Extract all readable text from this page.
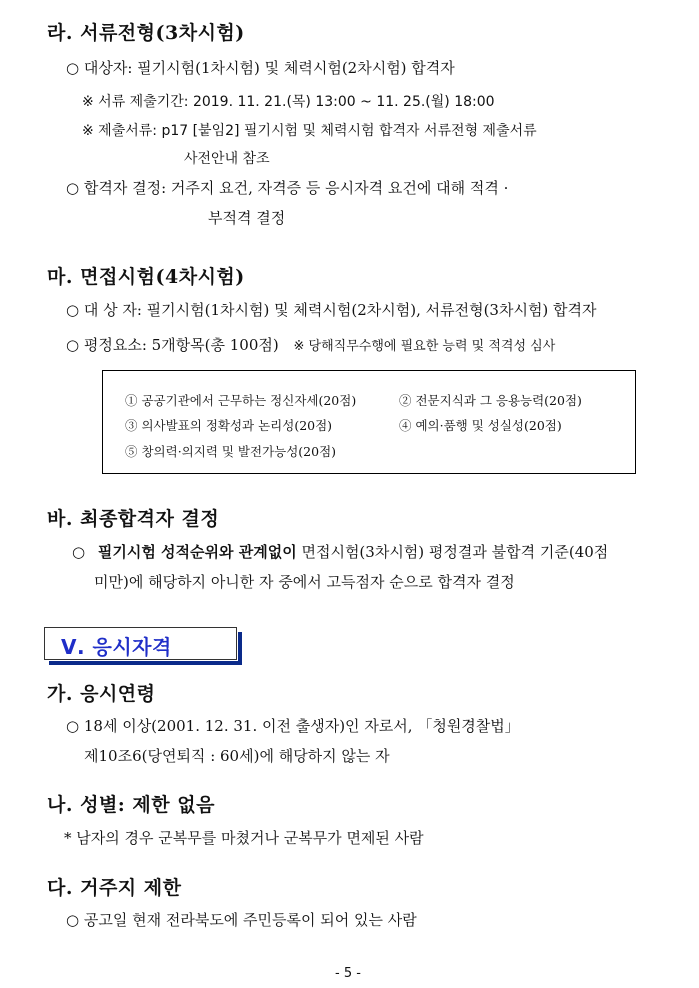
라. 서류전형(3차시험)
○ 대상자: 필기시험(1차시험) 및 체력시험(2차시험) 합격자
※ 서류 제출기간: 2019. 11. 21.(목) 13:00 ~ 11. 25.(월) 18:00
※ 제출서류: p17 [붙임2] 필기시험 및 체력시험 합격자 서류전형 제출서류
사전안내 참조
○ 합격자 결정: 거주지 요건, 자격증 등 응시자격 요건에 대해 적격 ·
부적격 결정
마. 면접시험(4차시험)
○ 대 상 자: 필기시험(1차시험) 및 체력시험(2차시험), 서류전형(3차시험) 합격자
○ 평정요소: 5개항목(총 100점) ※ 당해직무수행에 필요한 능력 및 적격성 심사
① 공공기관에서 근무하는 정신자세(20점)	② 전문지식과 그 응용능력(20점)
③ 의사발표의 정확성과 논리성(20점)	④ 예의·품행 및 성실성(20점)
⑤ 창의력·의지력 및 발전가능성(20점)
바. 최종합격자 결정
○ 필기시험 성적순위와 관계없이 면접시험(3차시험) 평정결과 불합격 기준(40점
미만)에 해당하지 아니한 자 중에서 고득점자 순으로 합격자 결정
Ⅴ. 응시자격
가. 응시연령
○ 18세 이상(2001. 12. 31. 이전 출생자)인 자로서, 「청원경찰법」
제10조6(당연퇴직 : 60세)에 해당하지 않는 자
나. 성별: 제한 없음
* 남자의 경우 군복무를 마쳤거나 군복무가 면제된 사람
다. 거주지 제한
○ 공고일 현재 전라북도에 주민등록이 되어 있는 사람
- 5 -
